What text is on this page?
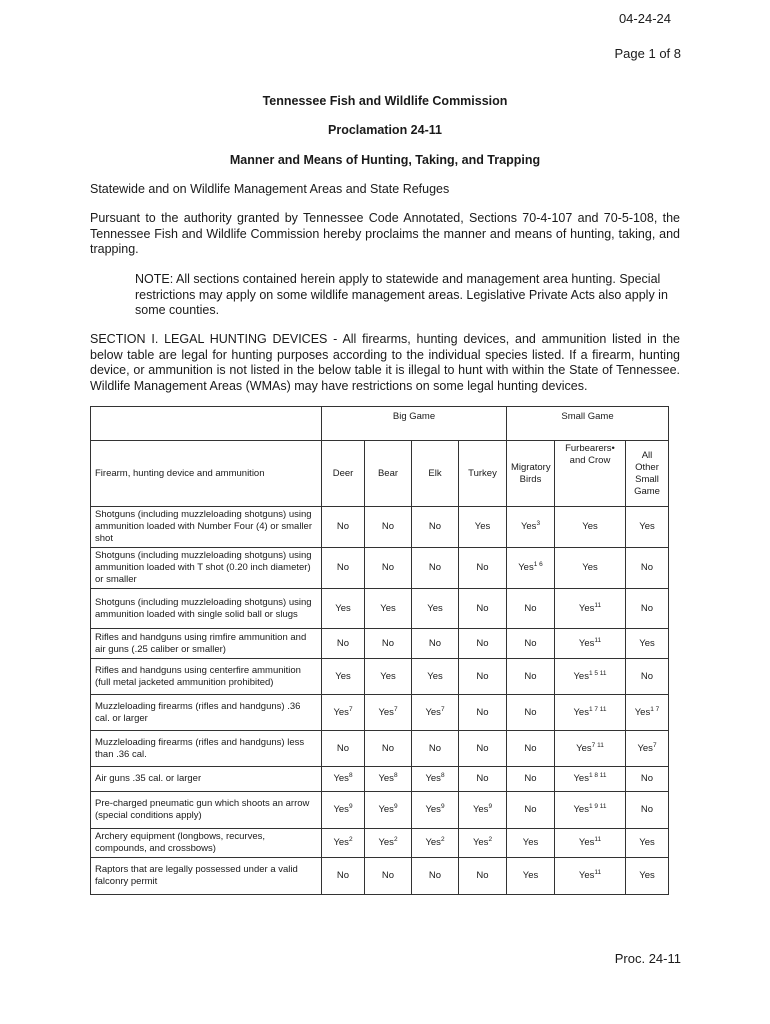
04-24-24
Page 1 of 8
Tennessee Fish and Wildlife Commission
Proclamation 24-11
Manner and Means of Hunting, Taking, and Trapping
Statewide and on Wildlife Management Areas and State Refuges
Pursuant to the authority granted by Tennessee Code Annotated, Sections 70-4-107 and 70-5-108, the Tennessee Fish and Wildlife Commission hereby proclaims the manner and means of hunting, taking, and trapping.
NOTE: All sections contained herein apply to statewide and management area hunting. Special restrictions may apply on some wildlife management areas. Legislative Private Acts also apply in some counties.
SECTION I. LEGAL HUNTING DEVICES - All firearms, hunting devices, and ammunition listed in the below table are legal for hunting purposes according to the individual species listed. If a firearm, hunting device, or ammunition is not listed in the below table it is illegal to hunt with within the State of Tennessee. Wildlife Management Areas (WMAs) may have restrictions on some legal hunting devices.
	Big Game				Small Game		
Firearm, hunting device and ammunition	Deer	Bear	Elk	Turkey	Migratory Birds	Furbearers• and Crow	All Other Small Game
Shotguns (including muzzleloading shotguns) using ammunition loaded with Number Four (4) or smaller shot	No	No	No	Yes	Yes$^3$	Yes	Yes
Shotguns (including muzzleloading shotguns) using ammunition loaded with T shot (0.20 inch diameter) or smaller	No	No	No	No	Yes$^{1 6}$	Yes	No
Shotguns (including muzzleloading shotguns) using ammunition loaded with single solid ball or slugs	Yes	Yes	Yes	No	No	Yes$^{11}$	No
Rifles and handguns using rimfire ammunition and air guns (.25 caliber or smaller)	No	No	No	No	No	Yes$^{11}$	Yes
Rifles and handguns using centerfire ammunition (full metal jacketed ammunition prohibited)	Yes	Yes	Yes	No	No	Yes$^{1 5 11}$	No
Muzzleloading firearms (rifles and handguns) .36 cal. or larger	Yes$^7$	Yes$^7$	Yes$^7$	No	No	Yes$^{1 7 11}$	Yes$^{1 7}$
Muzzleloading firearms (rifles and handguns) less than .36 cal.	No	No	No	No	No	Yes$^{7 11}$	Yes$^7$
Air guns .35 cal. or larger	Yes$^8$	Yes$^8$	Yes$^8$	No	No	Yes$^{1 8 11}$	No
Pre-charged pneumatic gun which shoots an arrow (special conditions apply)	Yes$^9$	Yes$^9$	Yes$^9$	Yes$^9$	No	Yes$^{1 9 11}$	No
Archery equipment (longbows, recurves, compounds, and crossbows)	Yes$^2$	Yes$^2$	Yes$^2$	Yes$^2$	Yes	Yes$^{11}$	Yes
Raptors that are legally possessed under a valid falconry permit	No	No	No	No	Yes	Yes$^{11}$	Yes
Proc. 24-11
